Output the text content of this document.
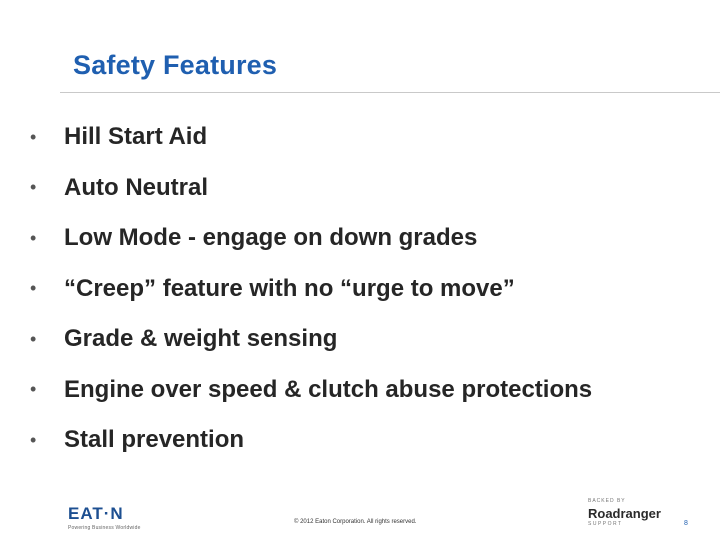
Safety Features
•	Hill Start Aid
•	Auto Neutral
•	Low Mode - engage on down grades
•	“Creep” feature with no “urge to move”
•	Grade & weight sensing
•	Engine over speed & clutch abuse protections
•	Stall prevention
EAT·N
Powering Business Worldwide
© 2012 Eaton Corporation. All rights reserved.
BACKED BY
Roadranger
SUPPORT	8
